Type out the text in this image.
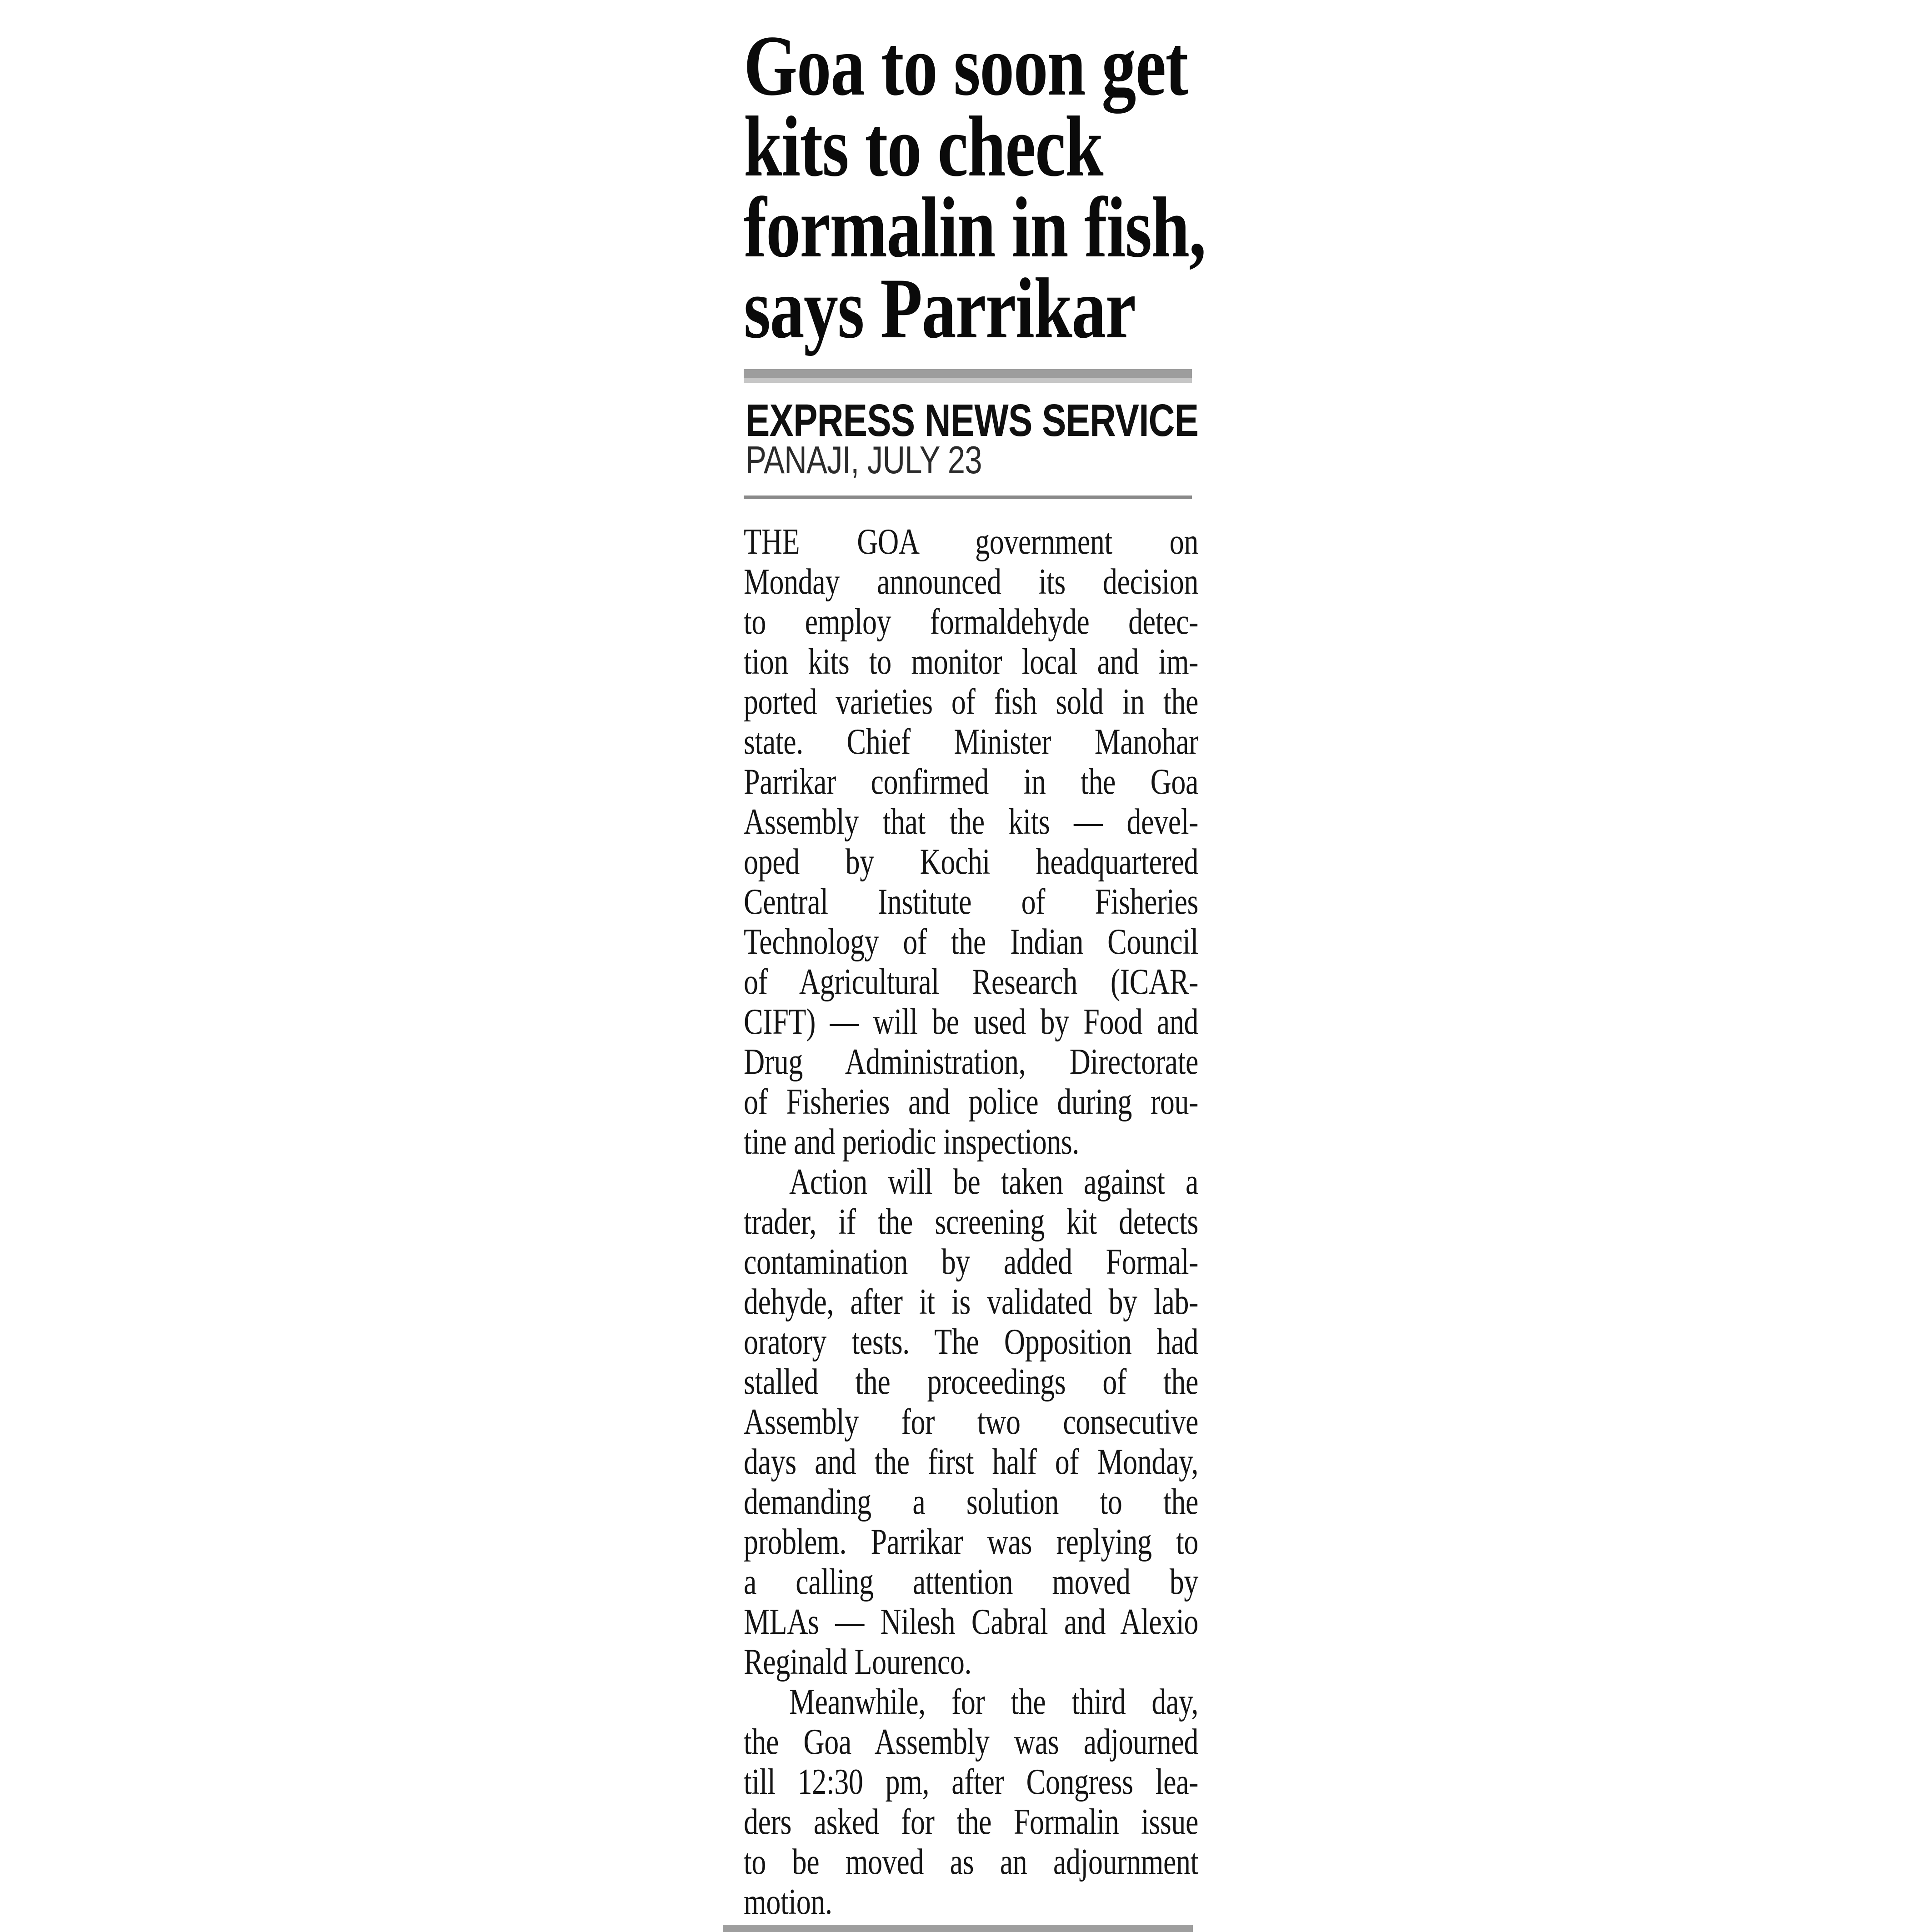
Goa to soon get
kits to check
formalin in fish,
says Parrikar
EXPRESS NEWS SERVICE
PANAJI, JULY 23
THE GOA government on
Monday announced its decision
to employ formaldehyde detec-
tion kits to monitor local and im-
ported varieties of fish sold in the
state. Chief Minister Manohar
Parrikar confirmed in the Goa
Assembly that the kits — devel-
oped by Kochi headquartered
Central Institute of Fisheries
Technology of the Indian Council
of Agricultural Research (ICAR-
CIFT) — will be used by Food and
Drug Administration, Directorate
of Fisheries and police during rou-
tine and periodic inspections.
Action will be taken against a
trader, if the screening kit detects
contamination by added Formal-
dehyde, after it is validated by lab-
oratory tests. The Opposition had
stalled the proceedings of the
Assembly for two consecutive
days and the first half of Monday,
demanding a solution to the
problem. Parrikar was replying to
a calling attention moved by
MLAs — Nilesh Cabral and Alexio
Reginald Lourenco.
Meanwhile, for the third day,
the Goa Assembly was adjourned
till 12:30 pm, after Congress lea-
ders asked for the Formalin issue
to be moved as an adjournment
motion.
